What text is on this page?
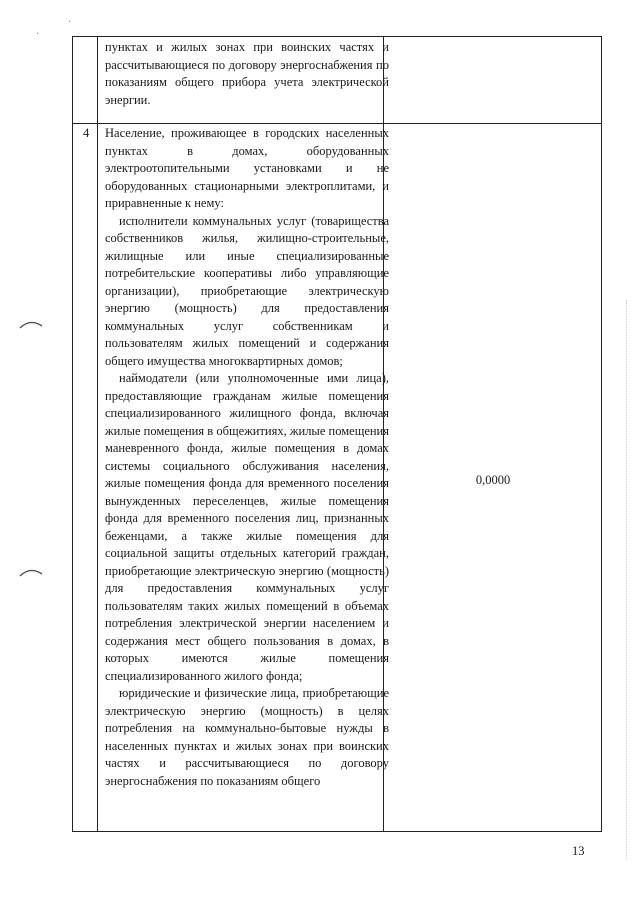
·
·

пунктах и жилых зонах при воинских частях и рассчитывающиеся по договору энергоснабжения по показаниям общего прибора учета электрической энергии.

4 Население, проживающее в городских населенных пунктах в домах, оборудованных электроотопительными установками и не оборудованных стационарными электроплитами, и приравненные к нему:

исполнители коммунальных услуг (товарищества собственников жилья, жилищно-строительные, жилищные или иные специализированные потребительские кооперативы либо управляющие организации), приобретающие электрическую энергию (мощность) для предоставления коммунальных услуг собственникам и пользователям жилых помещений и содержания общего имущества многоквартирных домов;

наймодатели (или уполномоченные ими лица), предоставляющие гражданам жилые помещения специализированного жилищного фонда, включая жилые помещения в общежитиях, жилые помещения маневренного фонда, жилые помещения в домах системы социального обслуживания населения, жилые помещения фонда для временного поселения вынужденных переселенцев, жилые помещения фонда для временного поселения лиц, признанных беженцами, а также жилые помещения для социальной защиты отдельных категорий граждан, приобретающие электрическую энергию (мощность) для предоставления коммунальных услуг пользователям таких жилых помещений в объемах потребления электрической энергии населением и содержания мест общего пользования в домах, в которых имеются жилые помещения специализированного жилого фонда;

юридические и физические лица, приобретающие электрическую энергию (мощность) в целях потребления на коммунально-бытовые нужды в населенных пунктах и жилых зонах при воинских частях и рассчитывающиеся по договору энергоснабжения по показаниям общего

0,0000
13
